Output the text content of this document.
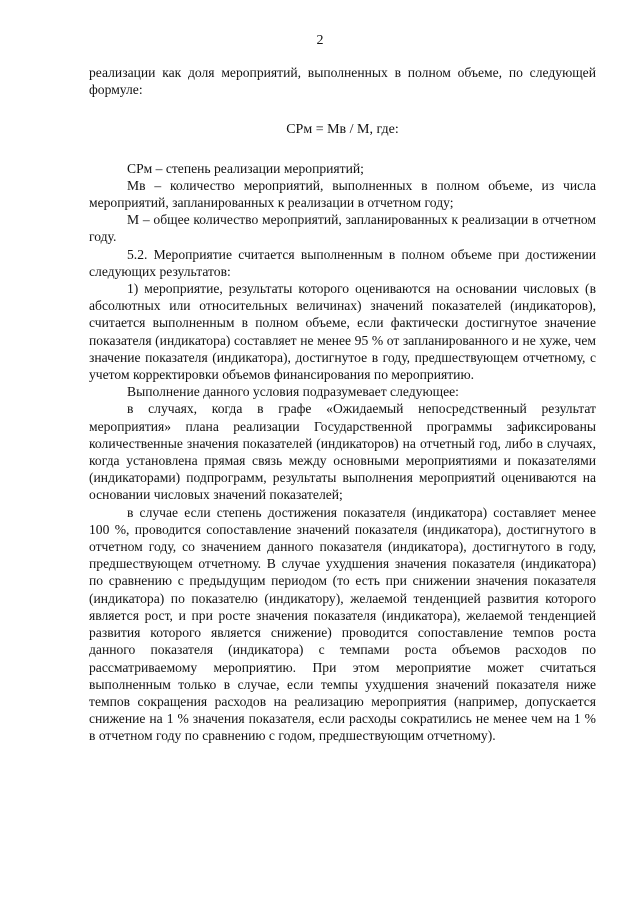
2

реализации как доля мероприятий, выполненных в полном объеме, по следующей формуле:

СРм = Мв / М, где:

СРм – степень реализации мероприятий;

Мв – количество мероприятий, выполненных в полном объеме, из числа мероприятий, запланированных к реализации в отчетном году;

М – общее количество мероприятий, запланированных к реализации в отчетном году.

5.2. Мероприятие считается выполненным в полном объеме при достижении следующих результатов:

1) мероприятие, результаты которого оцениваются на основании числовых (в абсолютных или относительных величинах) значений показателей (индикаторов), считается выполненным в полном объеме, если фактически достигнутое значение показателя (индикатора) составляет не менее 95 % от запланированного и не хуже, чем значение показателя (индикатора), достигнутое в году, предшествующем отчетному, с учетом корректировки объемов финансирования по мероприятию.

Выполнение данного условия подразумевает следующее:

в случаях, когда в графе «Ожидаемый непосредственный результат мероприятия» плана реализации Государственной программы зафиксированы количественные значения показателей (индикаторов) на отчетный год, либо в случаях, когда установлена прямая связь между основными мероприятиями и показателями (индикаторами) подпрограмм, результаты выполнения мероприятий оцениваются на основании числовых значений показателей;

в случае если степень достижения показателя (индикатора) составляет менее 100 %, проводится сопоставление значений показателя (индикатора), достигнутого в отчетном году, со значением данного показателя (индикатора), достигнутого в году, предшествующем отчетному. В случае ухудшения значения показателя (индикатора) по сравнению с предыдущим периодом (то есть при снижении значения показателя (индикатора) по показателю (индикатору), желаемой тенденцией развития которого является рост, и при росте значения показателя (индикатора), желаемой тенденцией развития которого является снижение) проводится сопоставление темпов роста данного показателя (индикатора) с темпами роста объемов расходов по рассматриваемому мероприятию. При этом мероприятие может считаться выполненным только в случае, если темпы ухудшения значений показателя ниже темпов сокращения расходов на реализацию мероприятия (например, допускается снижение на 1 % значения показателя, если расходы сократились не менее чем на 1 % в отчетном году по сравнению с годом, предшествующим отчетному).
